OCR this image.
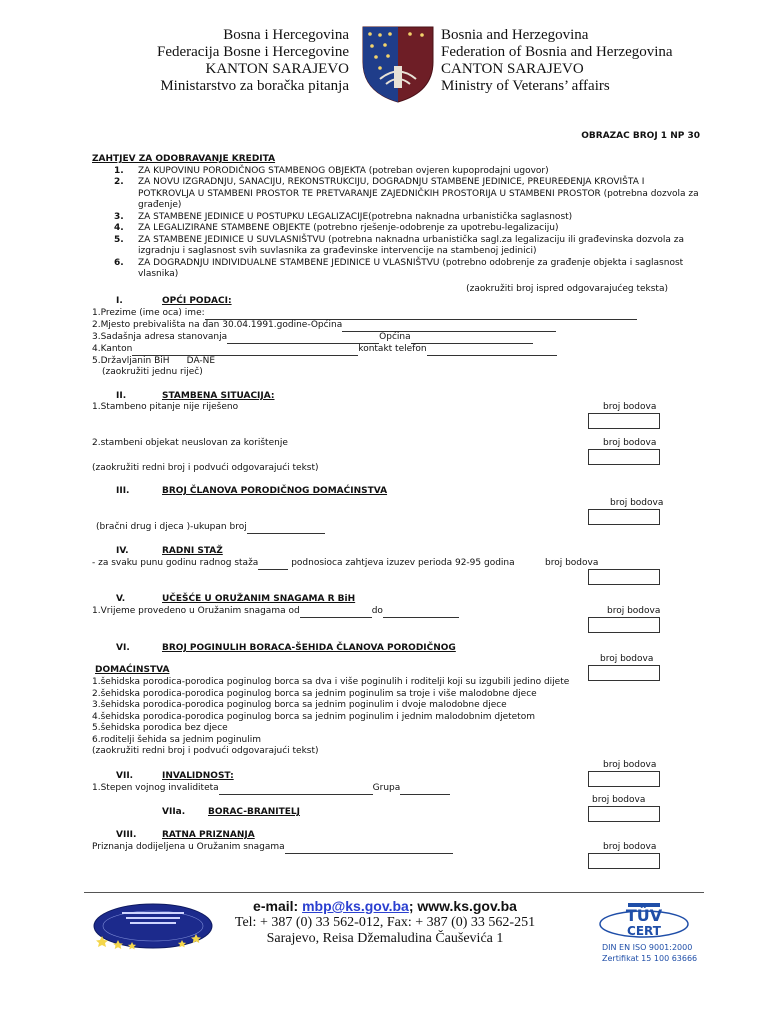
Bosna i Hercegovina
Federacija Bosne i Hercegovine
KANTON SARAJEVO
Ministarstvo za boračka pitanja
Bosnia and Herzegovina
Federation of Bosnia and Herzegovina
CANTON SARAJEVO
Ministry of Veterans’ affairs
OBRAZAC BROJ 1 NP 30
ZAHTJEV ZA ODOBRAVANJE KREDITA
1. ZA KUPOVINU PORODIČNOG STAMBENOG OBJEKTA (potreban ovjeren kupoprodajni ugovor)
2. ZA NOVU IZGRADNJU, SANACIJU, REKONSTRUKCIJU, DOGRADNJU STAMBENE JEDINICE, PREUREĐENJA KROVIŠTA I POTKROVLJA U STAMBENI PROSTOR TE PRETVARANJE ZAJEDNIČKIH PROSTORIJA U STAMBENI PROSTOR (potrebna dozvola za građenje)
3. ZA STAMBENE JEDINICE U POSTUPKU LEGALIZACIJE(potrebna naknadna urbanistička saglasnost)
4. ZA LEGALIZIRANE STAMBENE OBJEKTE (potrebno rješenje-odobrenje za upotrebu-legalizaciju)
5. ZA STAMBENE JEDINICE U SUVLASNIŠTVU (potrebna naknadna urbanistička sagl.za legalizaciju ili građevinska dozvola za izgradnju i saglasnost svih suvlasnika za građevinske intervencije na stambenoj jedinici)
6. ZA DOGRADNJU INDIVIDUALNE STAMBENE JEDINICE U VLASNIŠTVU (potrebno odobrenje za građenje objekta i saglasnost vlasnika)
(zaokružiti broj ispred odgovarajućeg teksta)
I.	OPĆI PODACI:
1.Prezime (ime oca) ime:
2.Mjesto prebivališta na dan 30.04.1991.godine-Općina
3.Sadašnja adresa stanovanja	Općina
4.Kanton	kontakt telefon
5.Državljanin BiH      DA-NE
(zaokružiti jednu riječ)
II.	STAMBENA SITUACIJA:
1.Stambeno pitanje nije riješeno	broj bodova
2.stambeni objekat neuslovan za korištenje	broj bodova
(zaokružiti redni broj i podvući odgovarajući tekst)
III.	BROJ ČLANOVA PORODIČNOG DOMAĆINSTVA
broj bodova
(bračni drug i djeca )-ukupan broj
IV.	RADNI STAŽ
- za svaku punu godinu radnog staža	podnosioca zahtjeva izuzev perioda 92-95 godina	broj bodova
V.	UČEŠĆE U ORUŽANIM SNAGAMA R BiH
1.Vrijeme provedeno u Oružanim snagama od	do	broj bodova
VI.	BROJ POGINULIH BORACA-ŠEHIDA ČLANOVA PORODIČNOG
broj bodova
DOMAĆINSTVA
1.šehidska porodica-porodica poginulog borca sa dva i više poginulih i roditelji koji su izgubili jedino dijete
2.šehidska porodica-porodica poginulog borca sa jednim poginulim sa troje i više malodobne djece
3.šehidska porodica-porodica poginulog borca sa jednim poginulim i dvoje malodobne djece
4.šehidska porodica-porodica poginulog borca sa jednim poginulim i jednim malodobnim djetetom
5.šehidska porodica bez djece
6.roditelji šehida sa jednim poginulim
(zaokružiti redni broj i podvući odgovarajući tekst)
broj bodova
VII.	INVALIDNOST:
1.Stepen vojnog invaliditeta	Grupa
broj bodova
VIIa.	BORAC-BRANITELJ
VIII.	RATNA PRIZNANJA
Priznanja dodijeljena u Oružanim snagama	broj bodova
e-mail: mbp@ks.gov.ba; www.ks.gov.ba
Tel: + 387 (0) 33 562-012, Fax: + 387 (0) 33 562-251
Sarajevo, Reisa Džemaludina Čauševića 1
TÜV
CERT
DIN EN ISO 9001:2000
Zertifikat 15 100 63666
